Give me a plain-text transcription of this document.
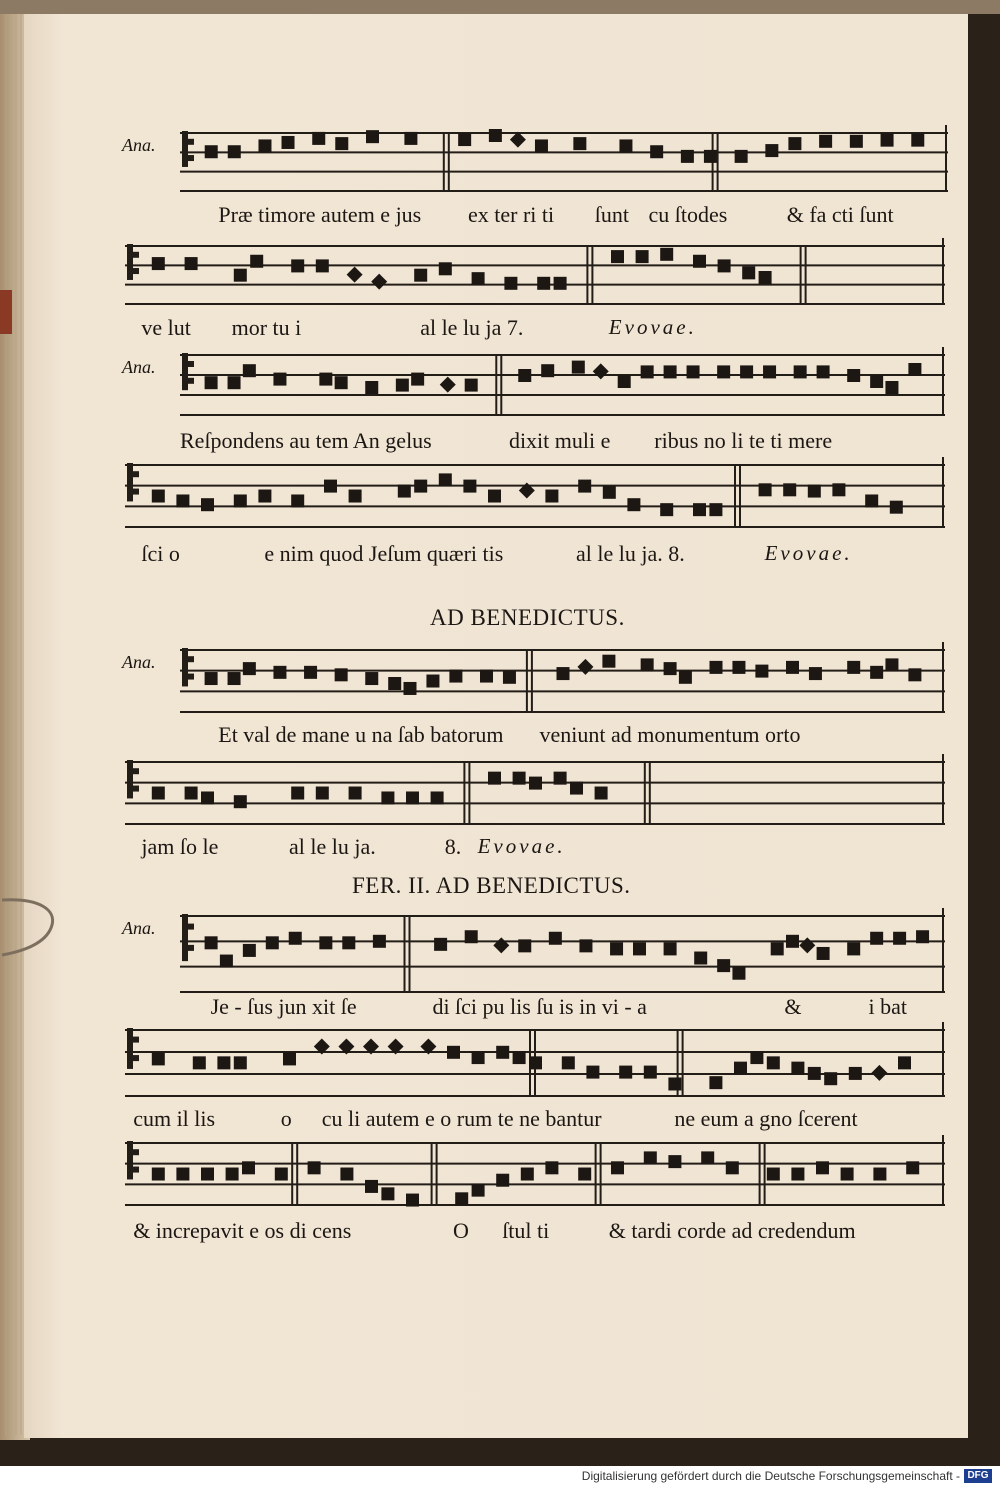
Ana.
Præ timore autem e jus ex ter ri ti ſunt cu ſtodes	& fa cti ſunt
ve lut mor tu i	al le lu ja 7.	Evovae.
Ana.
Reſpondens au tem An gelus	dixit muli e ribus no li te ti mere
ſci o	e nim quod Jeſum quæri tis	al le lu ja. 8.	Evovae.
Ana.
Et val de mane u na ſab batorum veniunt ad monumentum orto
jam ſo le	al le lu ja.	8. Evovae.
Ana.
Je - ſus jun xit ſe	di ſci pu lis ſu is in vi - a	&	i bat
cum il lis	o cu li autem e o rum te ne bantur	ne eum a gno ſcerent
& increpavit e os di cens	O ſtul ti	& tardi corde ad credendum
AD BENEDICTUS.
FER. II. AD BENEDICTUS.
Digitalisierung gefördert durch die Deutsche Forschungsgemeinschaft - DFG
